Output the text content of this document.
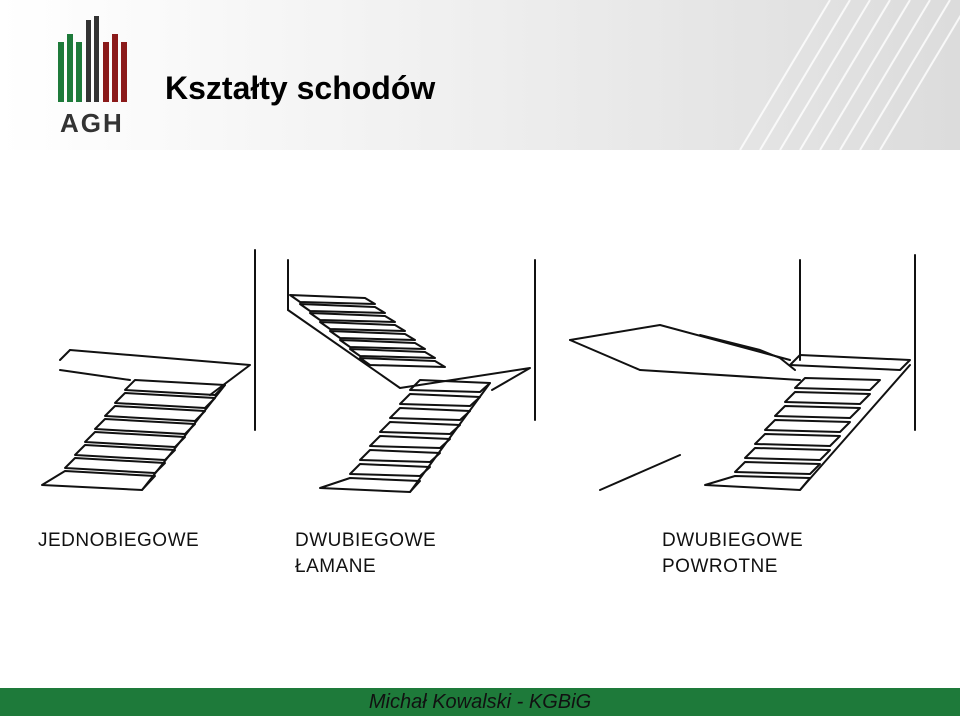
AGH
Kształty schodów
JEDNOBIEGOWE	DWUBIEGOWE
ŁAMANE
DWUBIEGOWE
POWROTNE
Michał Kowalski - KGBiG
